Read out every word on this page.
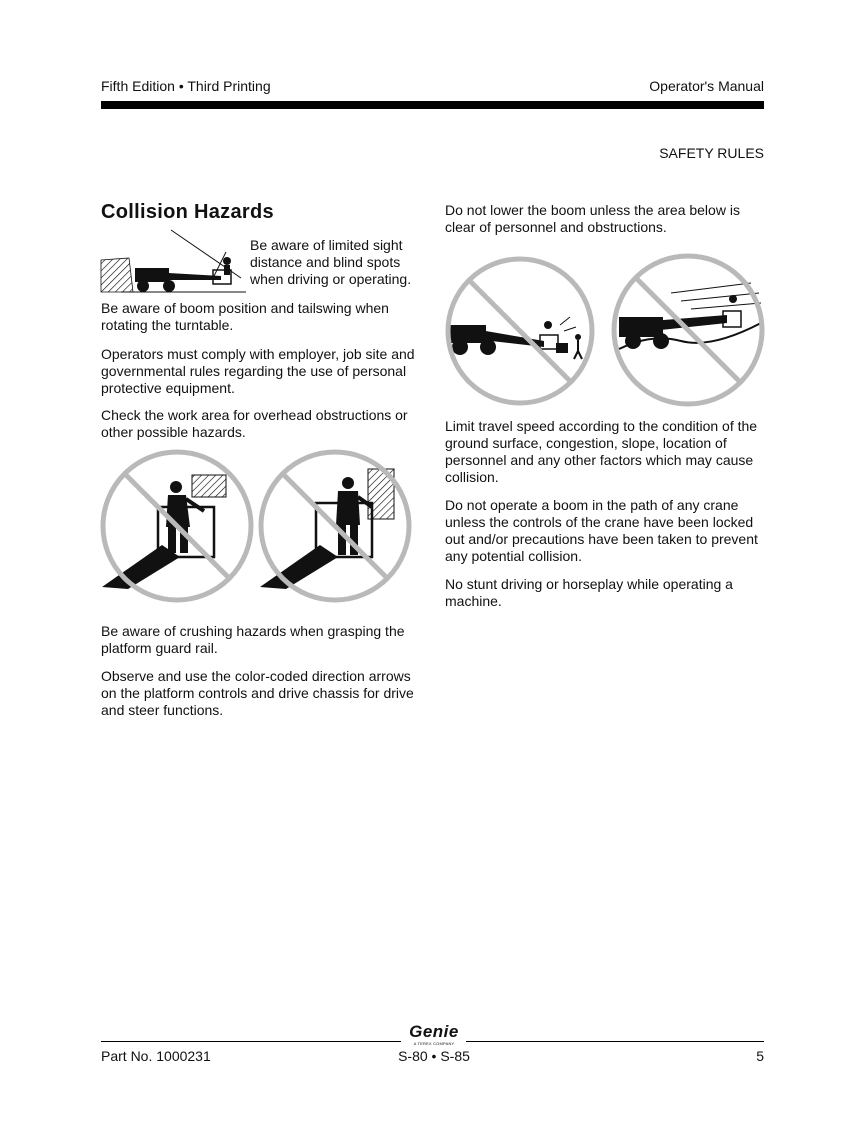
Fifth Edition • Third Printing	Operator's Manual
SAFETY RULES
Collision Hazards

Be aware of limited sight distance and blind spots when driving or operating.

Be aware of boom position and tailswing when rotating the turntable.

Operators must comply with employer, job site and governmental rules regarding the use of personal protective equipment.

Check the work area for overhead obstructions or other possible hazards.

Be aware of crushing hazards when grasping the platform guard rail.

Observe and use the color-coded direction arrows on the platform controls and drive chassis for drive and steer functions.

Do not lower the boom unless the area below is clear of personnel and obstructions.

Limit travel speed according to the condition of the ground surface, congestion, slope, location of personnel and any other factors which may cause collision.

Do not operate a boom in the path of any crane unless the controls of the crane have been locked out and/or precautions have been taken to prevent any potential collision.

No stunt driving or horseplay while operating a machine.

Genie
A TEREX COMPANY
Part No. 1000231	S-80 • S-85	5
